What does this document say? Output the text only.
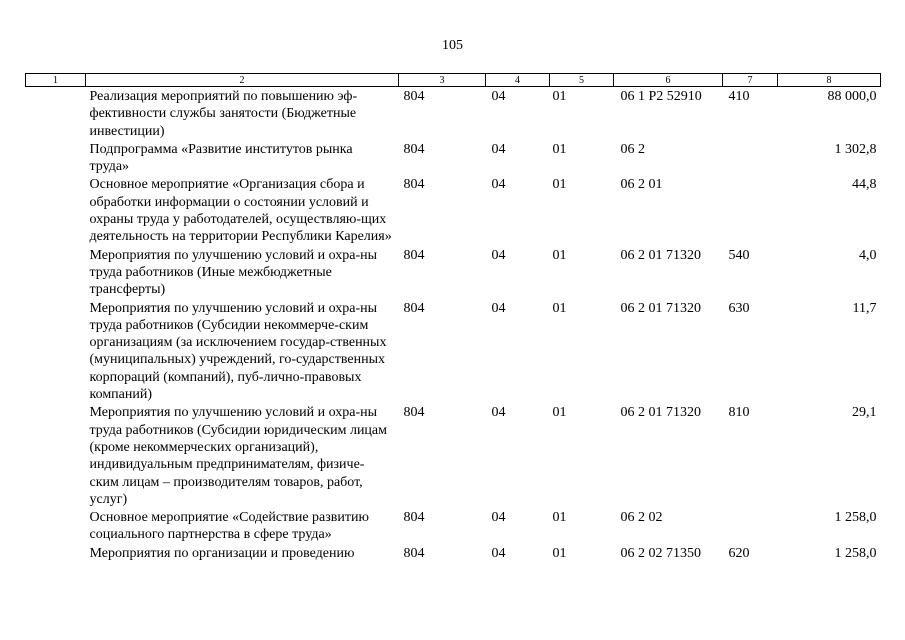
105
1	2	3	4	5	6	7	8
	Реализация мероприятий по повышению эф-фективности службы занятости (Бюджетные инвестиции)	804	04	01	06 1 P2 52910	410	88 000,0
	Подпрограмма «Развитие институтов рынка труда»	804	04	01	06 2		1 302,8
	Основное мероприятие «Организация сбора и обработки информации о состоянии условий и охраны труда у работодателей, осуществляю-щих деятельность на территории Республики Карелия»	804	04	01	06 2 01		44,8
	Мероприятия по улучшению условий и охра-ны труда работников (Иные межбюджетные трансферты)	804	04	01	06 2 01 71320	540	4,0
	Мероприятия по улучшению условий и охра-ны труда работников (Субсидии некоммерче-ским организациям (за исключением государ-ственных (муниципальных) учреждений, го-сударственных корпораций (компаний), пуб-лично-правовых компаний)	804	04	01	06 2 01 71320	630	11,7
	Мероприятия по улучшению условий и охра-ны труда работников (Субсидии юридическим лицам (кроме некоммерческих организаций), индивидуальным предпринимателям, физиче-ским лицам – производителям товаров, работ, услуг)	804	04	01	06 2 01 71320	810	29,1
	Основное мероприятие «Содействие развитию социального партнерства в сфере труда»	804	04	01	06 2 02		1 258,0
	Мероприятия по организации и проведению	804	04	01	06 2 02 71350	620	1 258,0
